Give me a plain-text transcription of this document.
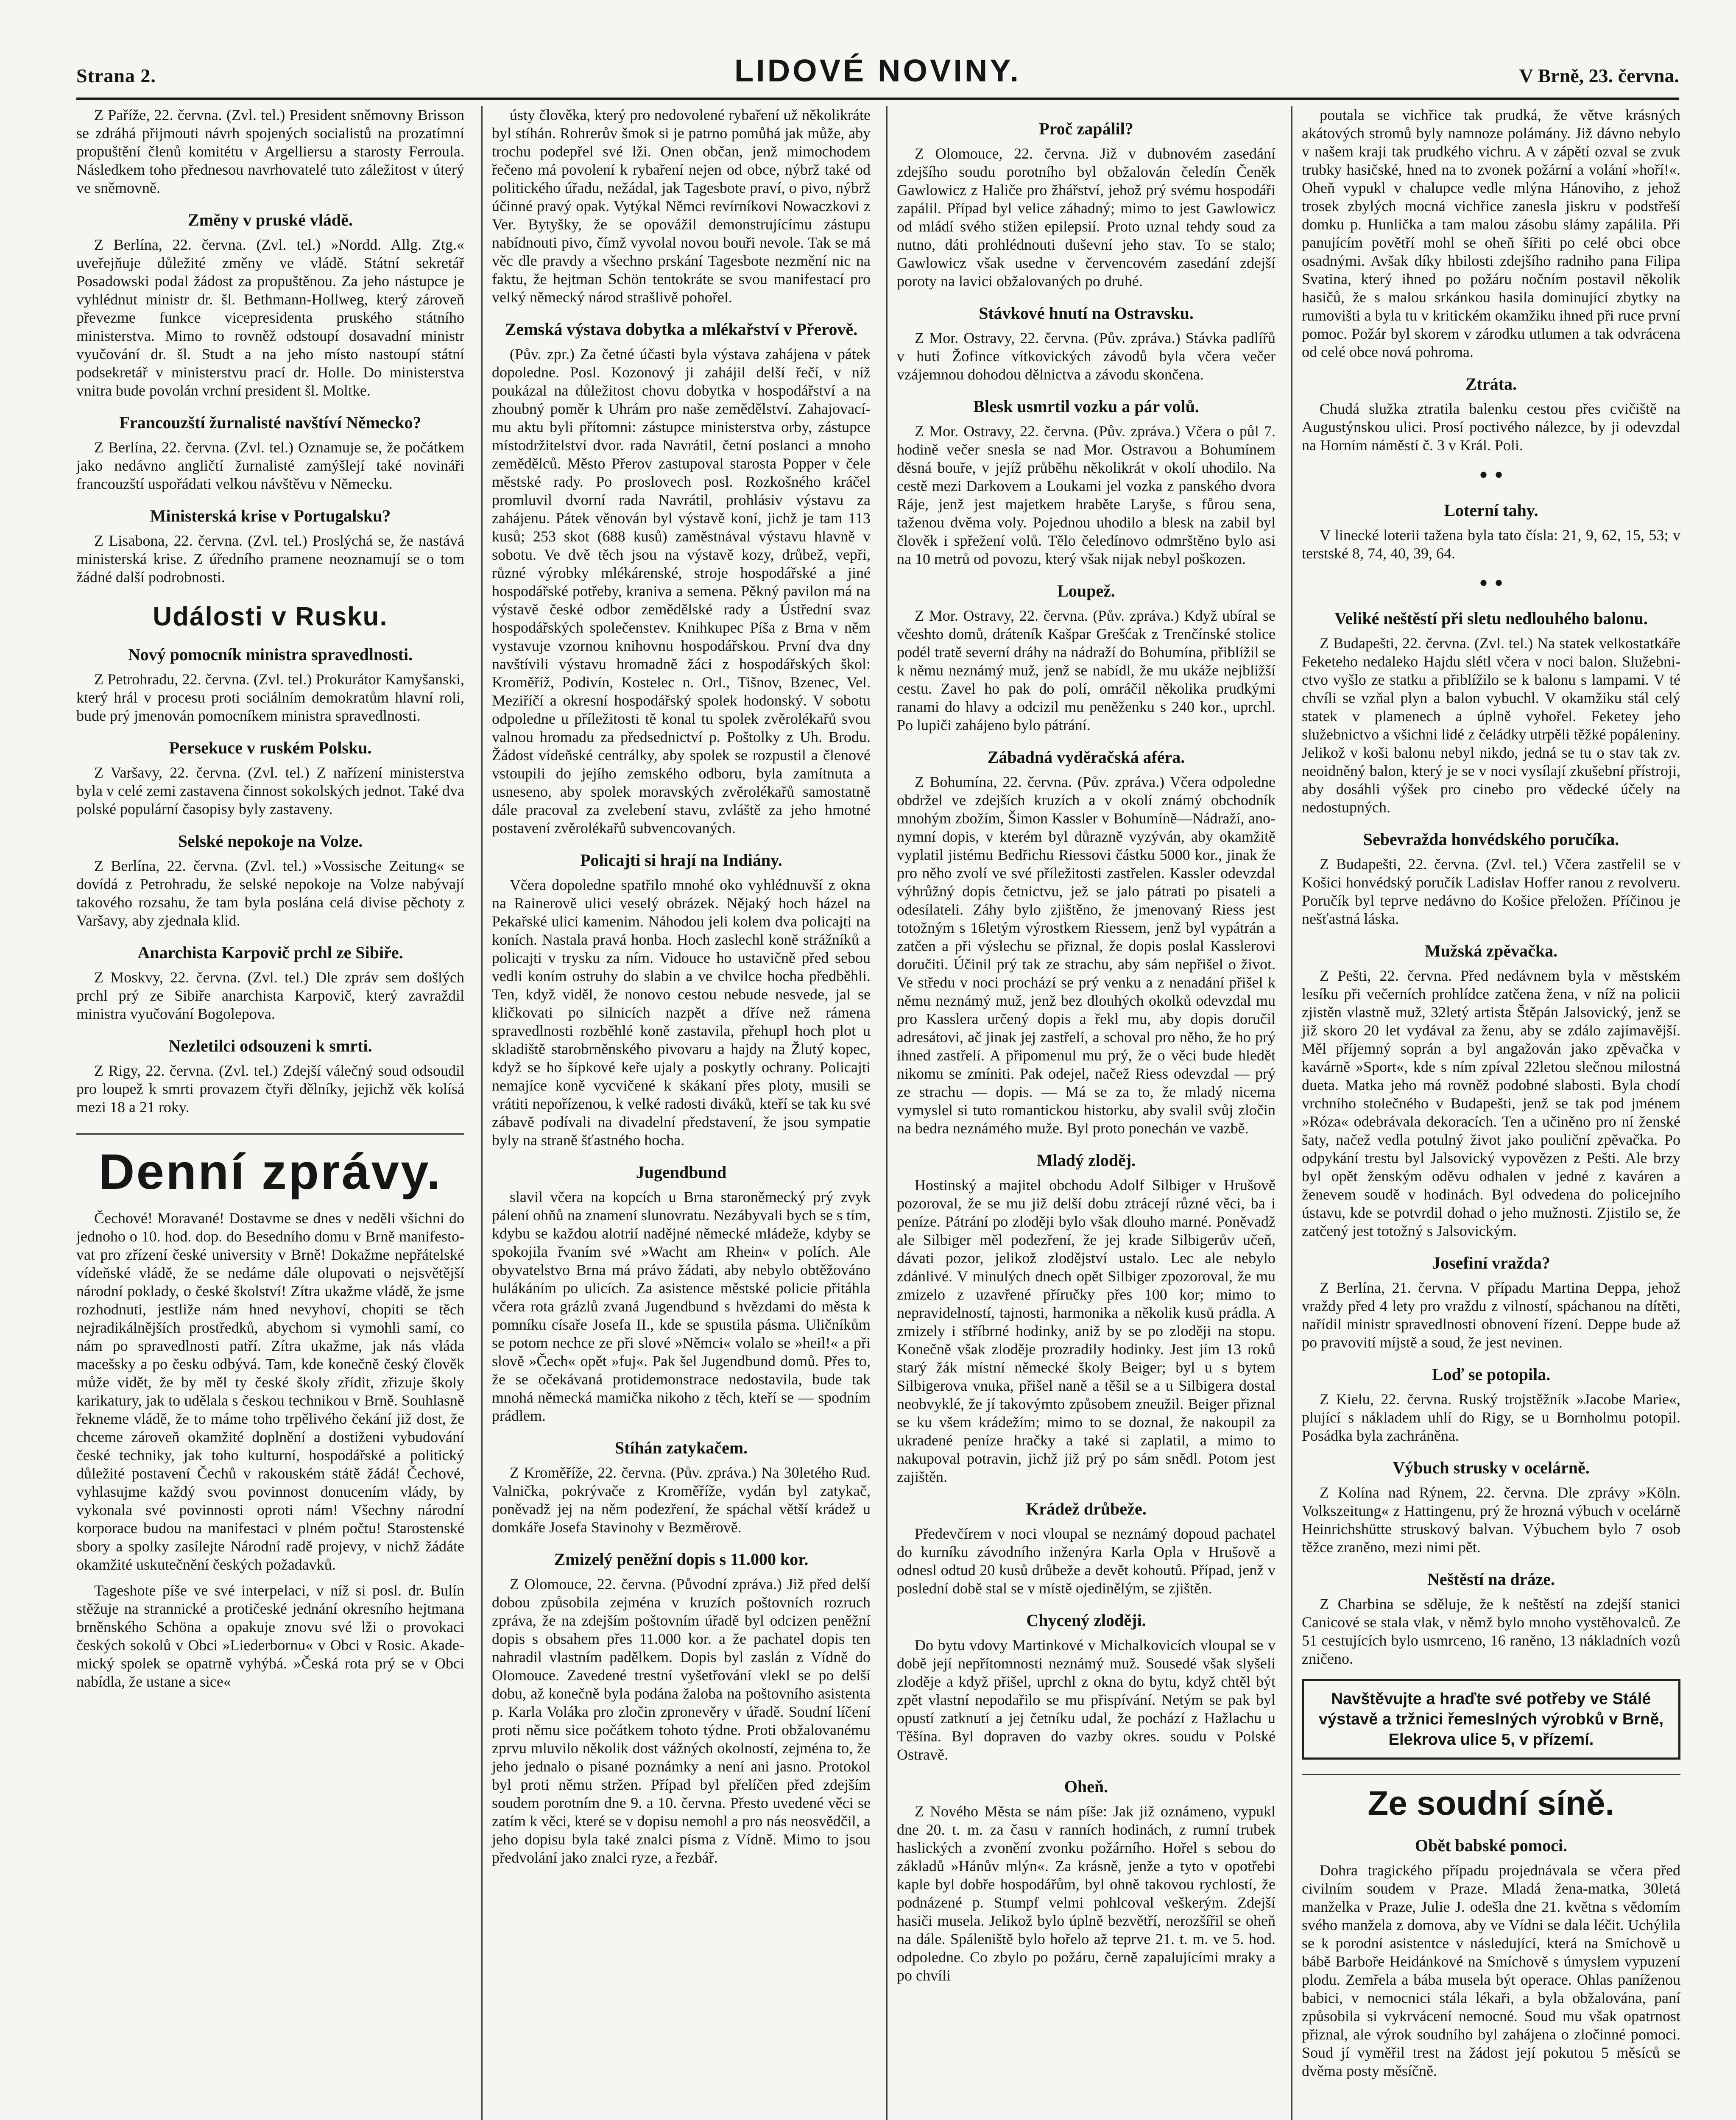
Strana 2.	LIDOVÉ NOVINY.	V Brně, 23. června.

Z Paříže, 22. června. (Zvl. tel.) President sněmovny Brisson se zdráhá přijmouti návrh spojených socialistů na prozatímní propuštění členů komitétu v Argelliersu a starosty Ferroula. Následkem toho přednesou navrhovatelé tuto záležitost v úterý ve sněmovně.

Změny v pruské vládě.

Z Berlína, 22. června. (Zvl. tel.) »Nordd. Allg. Ztg.« uveřejňuje důležité změny ve vládě. Státní sekretář Posadowski podal žádost za propuštěnou. Za jeho nástupce je vyhlédnut ministr dr. šl. Bethmann-Hollweg, který zároveň převezme funkce vicepresidenta pruského státního ministerstva. Mimo to rovněž odstoupí dosavadní ministr vyučování dr. šl. Studt a na jeho místo nastoupí státní podsekretář v ministerstvu prací dr. Holle. Do ministerstva vnitra bude povolán vrchní president šl. Moltke.

Francouzští žurnalisté navštíví Německo?

Z Berlína, 22. června. (Zvl. tel.) Oznamuje se, že počátkem jako nedávno angličtí žurnalisté zamýšlejí také novináři francouzští uspořádati velkou návštěvu v Německu.

Ministerská krise v Portugalsku?

Z Lisabona, 22. června. (Zvl. tel.) Proslýchá se, že nastává ministerská krise. Z úředního pramene neoznamují se o tom žádné další podrobnosti.

Události v Rusku.
Nový pomocník ministra spravedlnosti.

Z Petrohradu, 22. června. (Zvl. tel.) Prokurátor Kamyšanski, který hrál v procesu proti sociálním demokratům hlavní roli, bude prý jmenován pomocníkem ministra spravedlnosti.

Persekuce v ruském Polsku.

Z Varšavy, 22. června. (Zvl. tel.) Z nařízení ministerstva byla v celé zemi zastavena činnost sokolských jednot. Také dva polské populární časopisy byly zastaveny.

Selské nepokoje na Volze.

Z Berlína, 22. června. (Zvl. tel.) »Vossische Zeitung« se dovídá z Petrohradu, že selské nepokoje na Volze nabývají takového rozsahu, že tam byla poslána celá divise pěchoty z Varšavy, aby zjednala klid.

Anarchista Karpovič prchl ze Sibiře.

Z Moskvy, 22. června. (Zvl. tel.) Dle zpráv sem došlých prchl prý ze Sibiře anarchista Karpovič, který zavraždil ministra vyučování Bogolepova.

Nezletilci odsouzeni k smrti.

Z Rigy, 22. června. (Zvl. tel.) Zdejší válečný soud odsoudil pro loupež k smrti provazem čtyři dělníky, jejichž věk kolísá mezi 18 a 21 roky.

Denní zprávy.

Čechové! Moravané! Dostavme se dnes v neděli všichni do jednoho o 10. hod. dop. do Besedního domu v Brně manifestovat pro zřízení české university v Brně! Dokažme nepřátelské vídeňské vládě, že se nedáme dále olupovati o nejsvětější národní poklady, o české školství! Zítra ukažme vládě, že jsme rozhodnuti, jestliže nám hned nevyhoví, chopiti se těch nejradikálnějších prostředků, abychom si vymohli samí, co nám po spravedlnosti patří. Zítra ukažme, jak nás vláda macešsky a po česku odbývá. Tam, kde konečně český člověk může vidět, že by měl ty české školy zřídit, zřizuje školy karikatury, jak to udělala s českou technikou v Brně. Souhlasně řekneme vládě, že to máme toho trpělivého čekání již dost, že chceme zároveň okamžité doplnění a dostiženi vybudování české techniky, jak toho kulturní, hospodářské a politický důležité postavení Čechů v rakouském státě žádá! Čechové, vyhlasujme každý svou povinnost donucením vlády, by vykonala své povinnosti oproti nám! Všechny národní korporace budou na manifestaci v plném počtu! Starostenské sbory a spolky zasílejte Národní radě projevy, v nichž žádáte okamžité uskutečnění českých požadavků.

Tageshote píše ve své interpelaci, v níž si posl. dr. Bulín stěžuje na strannické a protičeské jednání okresního hejtmana brněnského Schöna a opakuje znovu své lži o provokaci českých sokolů v Obci »Liederbornu« v Obci v Rosic. Akademický spolek se opatrně vyhýbá. »Česká rota prý se v Obci nabídla, že ustane a sice«

ústy člověka, který pro nedovolené rybaření už několikráte byl stíhán. Rohrerův šmok si je patrno pomůhá jak může, aby trochu podepřel své lži. Onen občan, jenž mimochodem řečeno má povolení k rybaření nejen od obce, nýbrž také od politického úřadu, nežádal, jak Tagesbote praví, o pivo, nýbrž účinné pravý opak. Vytýkal Němci revírníkovi Nowaczkovi z Ver. Bytyšky, že se opovážil demonstrujícímu zástupu nabídnouti pivo, čímž vyvolal novou bouři nevole. Tak se má věc dle pravdy a všechno prskání Tagesbote nezmění nic na faktu, že hejtman Schön tentokráte se svou manifestací pro velký německý národ strašlivě pohořel.

Zemská výstava dobytka a mlékařství v Přerově.

(Pův. zpr.) Za četné účasti byla výstava zahájena v pátek dopoledne. Posl. Kozonový ji zahájil delší řečí, v níž poukázal na důležitost chovu dobytka v hospodářství a na zhoubný poměr k Uhrám pro naše zemědělství. Zahajovacímu aktu byli přítomni: zástupce ministerstva orby, zástupce místodržitelství dvor. rada Navrátil, četní poslanci a mnoho zemědělců. Město Přerov zastupoval starosta Popper v čele městské rady. Po proslovech posl. Rozkošného kráčel promluvil dvorní rada Navrátil, prohlásiv výstavu za zahájenu. Pátek věnován byl výstavě koní, jichž je tam 113 kusů; 253 skot (688 kusů) zaměstnával výstavu hlavně v sobotu. Ve dvě těch jsou na výstavě kozy, drůbež, vepři, různé výrobky mlékárenské, stroje hospodářské a jiné hospodářské potřeby, kraniva a semena. Pěkný pavilon má na výstavě české odbor zemědělské rady a Ústřední svaz hospodářských společenstev. Knihkupec Píša z Brna v něm vystavuje vzornou knihovnu hospodářskou. První dva dny navštívili výstavu hromadně žáci z hospodářských škol: Kroměříž, Podivín, Kostelec n. Orl., Tišnov, Bzenec, Vel. Meziříčí a okresní hospodářský spolek hodonský. V sobotu odpoledne u příležitosti tě konal tu spolek zvěrolékařů svou valnou hromadu za předsednictví p. Poštolky z Uh. Brodu. Žádost vídeňské centrálky, aby spolek se rozpustil a členové vstoupili do jejího zemského odboru, byla zamítnuta a usneseno, aby spolek moravských zvěrolékařů samostatně dále pracoval za zvelebení stavu, zvláště za jeho hmotné postavení zvěrolékařů subvencovaných.

Policajti si hrají na Indiány.

Včera dopoledne spatřilo mnohé oko vyhlédnuvší z okna na Rainerově ulici veselý obrázek. Nějaký hoch házel na Pekařské ulici kamenim. Náhodou jeli kolem dva policajti na koních. Nastala pravá honba. Hoch zaslechl koně strážníků a policajti v trysku za ním. Vidouce ho ustavičně před sebou vedli koním ostruhy do slabin a ve chvilce hocha předběhli. Ten, když viděl, že nonovo cestou nebude nesvede, jal se kličkovati po silnicích nazpět a dříve než rámena spravedlnosti rozběhlé koně zastavila, přehupl hoch plot u skladiště starobrněnského pivovaru a hajdy na Žlutý kopec, když se ho šípkové keře ujaly a poskytly ochrany. Policajti nemajíce koně vycvičené k skákaní přes ploty, musili se vrátiti nepořízenou, k velké radosti diváků, kteří se tak ku své zábavě podívali na divadelní představení, že jsou sympatie byly na straně šťastného hocha.

Jugendbund

slavil včera na kopcích u Brna staroněmecký prý zvyk pálení ohňů na znamení slunovratu. Nezábyvali bych se s tím, kdybu se každou alotrií nadějné německé mládeže, kdyby se spokojila řvaním své »Wacht am Rhein« v polích. Ale obyvatelstvo Brna má právo žádati, aby nebylo obtěžováno hulákáním po ulicích. Za asistence městské policie přitáhla včera rota grázlů zvaná Jugendbund s hvězdami do města k pomníku císaře Josefa II., kde se spustila pásma. Uličníkům se potom nechce ze při slové »Němci« volalo se »heil!« a při slově »Čech« opět »fuj«. Pak šel Jugendbund domů. Přes to, že se očekávaná protidemonstrace nedostavila, bude tak mnohá německá mamička nikoho z těch, kteří se — spodním prádlem.

Stíhán zatykačem.

Z Kroměříže, 22. června. (Pův. zpráva.) Na 30letého Rud. Valničkа, pokrývače z Kroměříže, vydán byl zatykač, poněvadž jej na něm podezření, že spáchal větší krádež u domkáře Josefa Stavinohy v Bezměrově.

Zmizelý peněžní dopis s 11.000 kor.

Z Olomouce, 22. června. (Původní zpráva.) Již před delší dobou způsobila zejména v kruzích poštovních rozruch zpráva, že na zdejším poštovním úřadě byl odcizen peněžní dopis s obsahem přes 11.000 kor. a že pachatel dopis ten nahradil vlastním padělkem. Dopis byl zaslán z Vídně do Olomouce. Zavedené trestní vyšetřování vlekl se po delší dobu, až konečně byla podána žaloba na poštovního asistenta p. Karla Voláka pro zločin zpronevěry v úřadě. Soudní líčení proti němu sice počátkem tohoto týdne. Proti obžalovanému zprvu mluvilo několik dost vážných okolností, zejména to, že jeho jednalo o pisané poznámky a není ani jasno. Protokol byl proti němu stržen. Případ byl přelíčen před zdejším soudem porotním dne 9. a 10. června. Přesto uvedené věci se zatím k věci, které se v dopisu nemohl a pro nás neosvědčil, a jeho dopisu byla také znalci písma z Vídně. Mimo to jsou předvolání jako znalci ryze, a řezbář.

Proč zapálil?

Z Olomouce, 22. června. Již v dubnovém zasedání zdejšího soudu porotního byl obžalován čeledín Čeněk Gawlowicz z Haliče pro žhářství, jehož prý svému hospodáři zapálil. Případ byl velice záhadný; mimo to jest Gawlowicz od mládí svého stižen epilepsií. Proto uznal tehdy soud za nutno, dáti prohlédnouti duševní jeho stav. To se stalo; Gawlowicz však usedne v červencovém zasedání zdejší poroty na lavici obžalovaných po druhé.

Stávkové hnutí na Ostravsku.

Z Mor. Ostravy, 22. června. (Pův. zpráva.) Stávka padlířů v huti Žofince vítkovických závodů byla včera večer vzájemnou dohodou dělnictva a závodu skončena.

Blesk usmrtil vozku a pár volů.

Z Mor. Ostravy, 22. června. (Pův. zpráva.) Včera o půl 7. hodině večer snesla se nad Mor. Ostravou a Bohumínem děsná bouře, v jejíž průběhu několikrát v okolí uhodilo. Na cestě mezi Darkovem a Loukami jel vozka z panského dvora Ráje, jenž jest majetkem hraběte Laryše, s fůrou sena, taženou dvěma voly. Pojednou uhodilo a blesk na zabil byl člověk i spřežení volů. Tělo čeledínovo odmrštěno bylo asi na 10 metrů od povozu, který však nijak nebyl poškozen.

Loupež.

Z Mor. Ostravy, 22. června. (Pův. zpráva.) Když ubíral se včeshto domů, dráteník Kašpar Grešćak z Trenčínské stolice podél tratě severní dráhy na nádraží do Bohumína, přiblížil se k němu neznámý muž, jenž se nabídl, že mu ukáže nejbližší cestu. Zavel ho pak do polí, omráčil několika prudkými ranami do hlavy a odcizil mu peněženku s 240 kor., uprchl. Po lupiči zahájeno bylo pátrání.

Zábadná vyděračská aféra.

Z Bohumína, 22. června. (Pův. zpráva.) Včera odpoledne obdržel ve zdejších kruzích a v okolí známý obchodník mnohým zbožím, Šimon Kassler v Bohumíně—Nádraží, anonymní dopis, v kterém byl důrazně vyzýván, aby okamžitě vyplatil jistému Bedřichu Riessovi částku 5000 kor., jinak že pro něho zvolí ve své příležitosti zastřelen. Kassler odevzdal výhrůžný dopis četnictvu, jež se jalo pátrati po pisateli a odesílateli. Záhy bylo zjištěno, že jmenovaný Riess jest totožným s 16letým výrostkem Riessem, jenž byl vypátrán a zatčen a při výslechu se přiznal, že dopis poslal Kasslerovi doručiti. Účinil prý tak ze strachu, aby sám nepřišel o život. Ve středu v noci prochází se prý venku a z nenadání přišel k němu neznámý muž, jenž bez dlouhých okolků odevzdal mu pro Kasslera určený dopis a řekl mu, aby dopis doručil adresátovi, ač jinak jej zastřelí, a schoval pro něho, že ho prý ihned zastřelí. A připomenul mu prý, že o věci bude hledět nikomu se zmíniti. Pak odejel, načež Riess odevzdal — prý ze strachu — dopis. — Má se za to, že mladý nicema vymyslel si tuto romantickou historku, aby svalil svůj zločin na bedra neznámého muže. Byl proto ponechán ve vazbě.

Mladý zloděj.

Hostinský a majitel obchodu Adolf Silbiger v Hrušově pozoroval, že se mu již delší dobu ztrácejí různé věci, ba i peníze. Pátrání po zloději bylo však dlouho marné. Poněvadž ale Silbiger měl podezření, že jej krade Silbigerův učeň, dávati pozor, jelikož zlodějství ustalo. Lec ale nebylo zdánlivé. V minulých dnech opět Silbiger zpozoroval, že mu zmizelo z uzavřené příručky přes 100 kor; mimo to nepravidelností, tajnosti, harmonika a několik kusů prádla. A zmizely i stříbrné hodinky, aniž by se po zloději na stopu. Konečně však zloděje prozradily hodinky. Jest jím 13 roků starý žák místní německé školy Beiger; byl u s bytem Silbigerova vnuka, přišel naně a těšil se a u Silbigera dostal neobvyklé, že jí takovýmto způsobem zneužil. Beiger přiznal se ku všem krádežím; mimo to se doznal, že nakoupil za ukradené peníze hračky a také si zaplatil, a mimo to nakupoval potravin, jichž již prý po sám snědl. Potom jest zajištěn.

Krádež drůbeže.

Předevčírem v noci vloupal se neznámý dopoud pachatel do kurníku závodního inženýra Karla Opla v Hrušově a odnesl odtud 20 kusů drůbeže a devět kohoutů. Případ, jenž v poslední době stal se v místě ojedinělým, se zjištěn.

Chycený zloději.

Do bytu vdovy Martinkové v Michalkovicích vloupal se v době její nepřítomnosti neznámý muž. Sousedé však slyšeli zloděje a když přišel, uprchl z okna do bytu, když chtěl být zpět vlastní nepodařilo se mu přispívání. Netým se pak byl opustí zatknutí a jej četníku udal, že pochází z Hažlachu u Těšína. Byl dopraven do vazby okres. soudu v Polské Ostravě.

Oheň.

Z Nového Města se nám píše: Jak již oznámeno, vypukl dne 20. t. m. za času v ranních hodinách, z rumní trubek haslických a zvonění zvonku požárního. Hořel s sebou do základů »Hánův mlýn«. Za krásně, jenže a tyto v opotřebi kaple byl dobře hospodářům, byl ohně takovou rychlostí, že podnázené p. Stumpf velmi pohlcoval veškerým. Zdejší hasiči musela. Jelikož bylo úplně bezvětří, nerozšířil se oheň na dále. Spáleniště bylo hořelo až teprve 21. t. m. ve 5. hod. odpoledne. Co zbylo po požáru, černě zapalujícími mraky a po chvíli

poutala se vichřice tak prudká, že větve krásných akátových stromů byly namnoze polámány. Již dávno nebylo v našem kraji tak prudkého vichru. A v zápětí ozval se zvuk trubky hasičské, hned na to zvonek požární a volání »hoří!«. Oheň vypukl v chalupce vedle mlýna Hánoviho, z jehož trosek zbylých mocná vichřice zanesla jiskru v podstřeší domku p. Hunlička a tam malou zásobu slámy zapálila. Při panujícím povětří mohl se oheň šířiti po celé obci obce osadnými. Avšak díky hbilosti zdejšího radniho pana Filipa Svatina, který ihned po požáru nočním postavil několik hasičů, že s malou srkánkou hasila dominující zbytky na rumovišti a byla tu v kritickém okamžiku ihned při ruce první pomoc. Požár byl skorem v zárodku utlumen a tak odvrácena od celé obce nová pohroma.

Ztráta.

Chudá služka ztratila balenku cestou přes cvičiště na Augustýnskou ulici. Prosí poctivého nálezce, by ji odevzdal na Horním náměstí č. 3 v Král. Poli.

• •
Loterní tahy.

V linecké loterii tažena byla tato čísla: 21, 9, 62, 15, 53; v terstské 8, 74, 40, 39, 64.

• •
Veliké neštěstí při sletu nedlouhého balonu.

Z Budapešti, 22. června. (Zvl. tel.) Na statek velkostatkáře Feketeho nedaleko Hajdu slétl včera v noci balon. Služebnictvo vyšlo ze statku a přiblížilo se k balonu s lampami. V té chvíli se vzňal plyn a balon vybuchl. V okamžiku stál celý statek v plamenech a úplně vyhořel. Feketey jeho služebnictvo a všichni lidé z čeládky utrpěli těžké popáleniny. Jelikož v koši balonu nebyl nikdo, jedná se tu o stav tak zv. neoidněný balon, který je se v noci vysílají zkušební přístroji, aby dosáhli výšek pro cinebo pro vědecké účely na nedostupných.

Sebevražda honvédského poručíka.

Z Budapešti, 22. června. (Zvl. tel.) Včera zastřelil se v Košici honvédský poručík Ladislav Hoffer ranou z revolveru. Poručík byl teprve nedávno do Košice přeložen. Příčinou je nešťastná láska.

Mužská zpěvačka.

Z Pešti, 22. června. Před nedávnem byla v městském lesíku při večerních prohlídce zatčena žena, v níž na policii zjistěn vlastně muž, 32letý artista Štěpán Jalsovický, jenž se již skoro 20 let vydával za ženu, aby se zdálo zajímavější. Měl příjemný soprán a byl angažován jako zpěvačka v kavárně »Sport«, kde s ním zpíval 22letou slečnou milostná dueta. Matka jeho má rovněž podobné slabosti. Byla chodí vrchního stolečného v Budapešti, jenž se tak pod jménem »Róza« odebrávala dekoracích. Ten a učiněno pro ní ženské šaty, načež vedla potulný život jako pouliční zpěvačka. Po odpykání trestu byl Jalsovický vypovězen z Pešti. Ale brzy byl opět ženským oděvu odhalen v jedné z kaváren a ženevem soudě v hodinách. Byl odvedena do policejního ústavu, kde se potvrdil dohad o jeho mužnosti. Zjistilo se, že zatčený jest totožný s Jalsovickým.

Josefiní vražda?

Z Berlína, 21. června. V případu Martina Deppa, jehož vraždy před 4 lety pro vraždu z vilností, spáchanou na dítěti, nařídil ministr spravedlnosti obnovení řízení. Deppe bude až po pravovití míjstě a soud, že jest nevinen.

Loď se potopila.

Z Kielu, 22. června. Ruský trojstěžník »Jacobe Marie«, plující s nákladem uhlí do Rigy, se u Bornholmu potopil. Posádka byla zachráněna.

Výbuch strusky v ocelárně.

Z Kolína nad Rýnem, 22. června. Dle zprávy »Köln. Volkszeitung« z Hattingenu, prý že hrozná výbuch v ocelárně Heinrichshütte struskový balvan. Výbuchem bylo 7 osob těžce zraněno, mezi nimi pět.

Neštěstí na dráze.

Z Charbina se sděluje, že k neštěstí na zdejší stanici Canicové se stala vlak, v němž bylo mnoho vystěhovalců. Ze 51 cestujících bylo usmrceno, 16 raněno, 13 nákladních vozů zničeno.

Navštěvujte a hraďte své potřeby ve Stálé výstavě a tržnici řemeslných výrobků v Brně, Elekrova ulice 5, v přízemí.
Ze soudní síně.
Obět babské pomoci.

Dohra tragického případu projednávala se včera před civilním soudem v Praze. Mladá žena-matka, 30letá manželka v Praze, Julie J. odešla dne 21. května s vědomím svého manžela z domova, aby ve Vídni se dala léčit. Uchýlila se k porodní asistentce v následující, která na Smíchově u bábě Barboře Heidánkové na Smíchově s úmyslem vypuzení plodu. Zemřela a bába musela být operace. Ohlas paníženou babici, v nemocnici stála lékaři, a byla obžalována, paní způsobila si vykrvácení nemocné. Soud mu však opatrnost přiznal, ale výrok soudního byl zahájena o zločinné pomoci. Soud jí vyměřil trest na žádost její pokutou 5 měsíců se dvěma posty měsíčně.
